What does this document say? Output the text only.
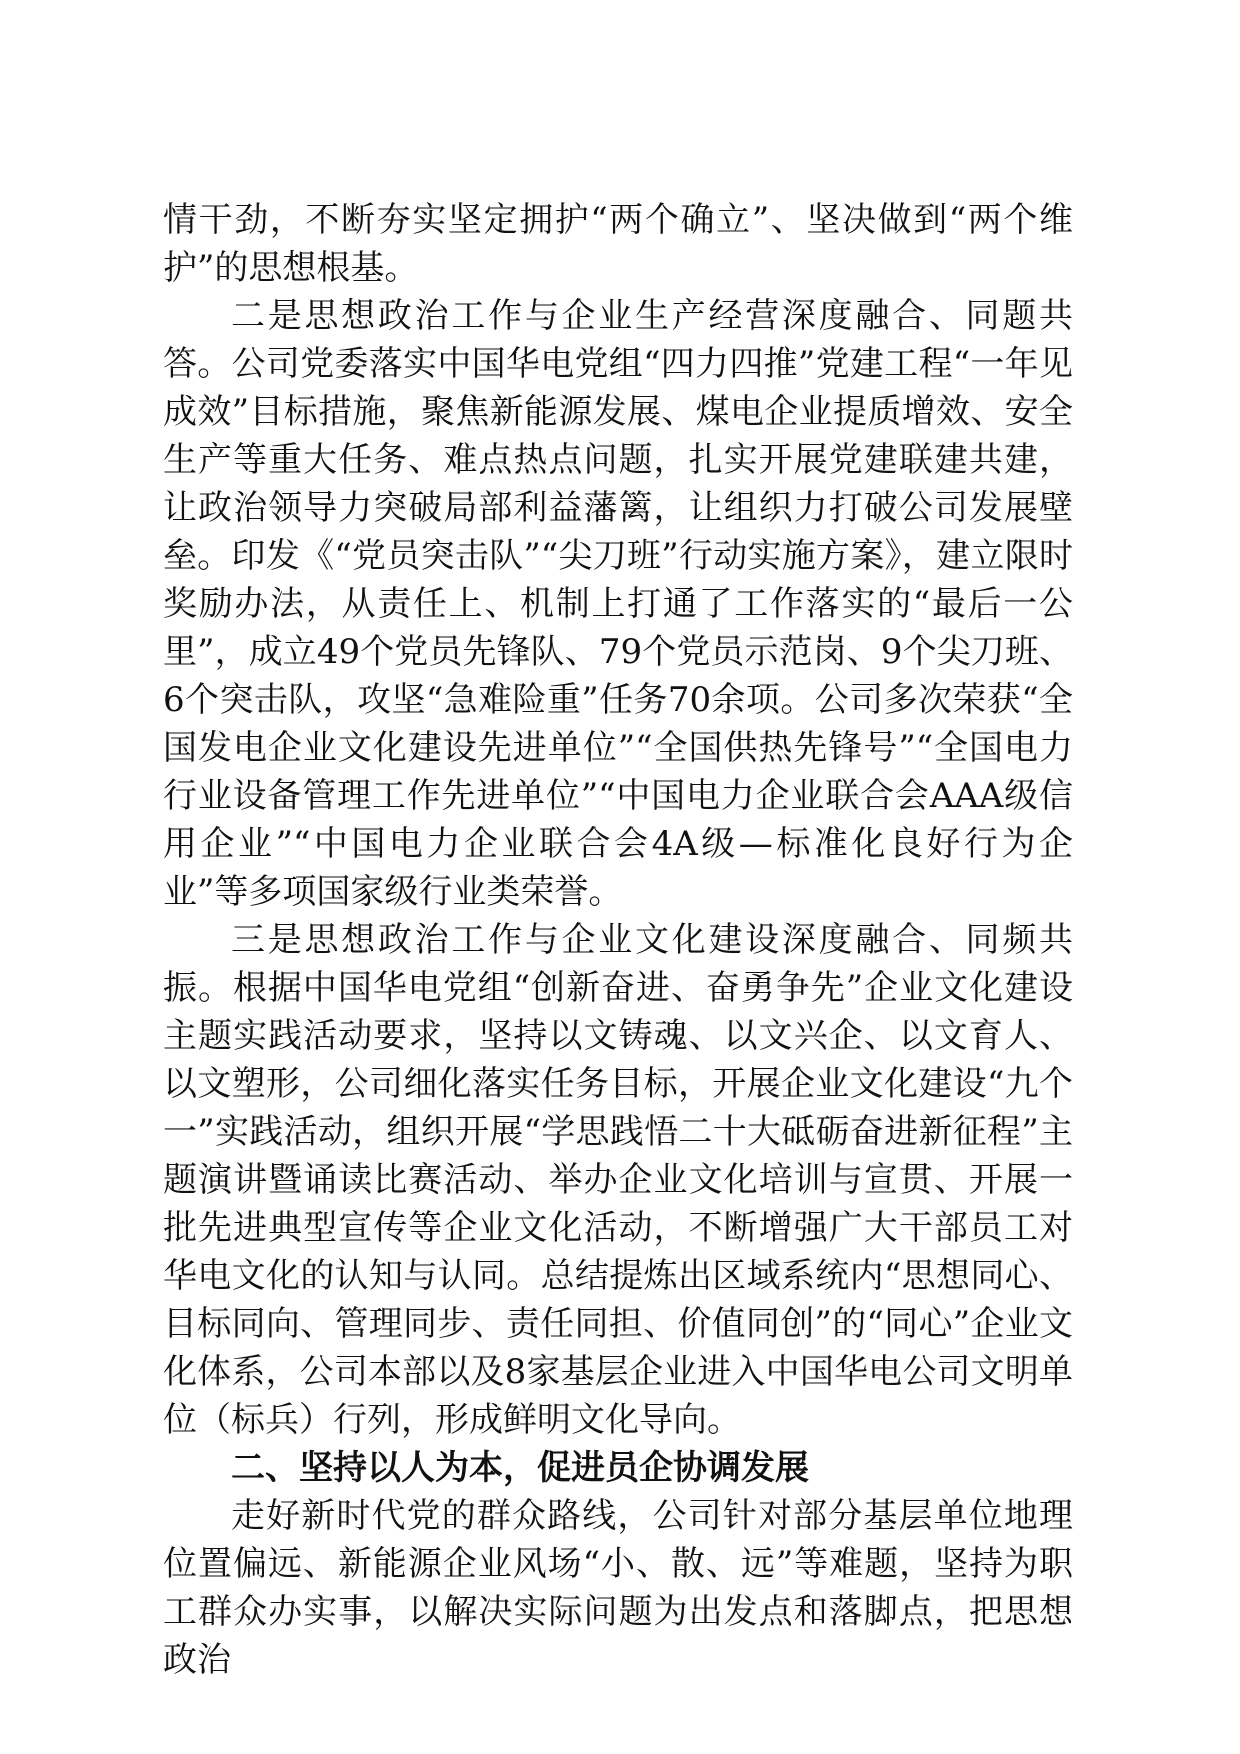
情干劲，不断夯实坚定拥护“两个确立”、坚决做到“两个维护”的思想根基。

二是思想政治工作与企业生产经营深度融合、同题共答。公司党委落实中国华电党组“四力四推”党建工程“一年见成效”目标措施，聚焦新能源发展、煤电企业提质增效、安全生产等重大任务、难点热点问题，扎实开展党建联建共建，让政治领导力突破局部利益藩篱，让组织力打破公司发展壁垒。印发《“党员突击队”“尖刀班”行动实施方案》，建立限时奖励办法，从责任上、机制上打通了工作落实的“最后一公里”，成立49个党员先锋队、79个党员示范岗、9个尖刀班、6个突击队，攻坚“急难险重”任务70余项。公司多次荣获“全国发电企业文化建设先进单位”“全国供热先锋号”“全国电力行业设备管理工作先进单位”“中国电力企业联合会AAA级信用企业”“中国电力企业联合会4A级—标准化良好行为企业”等多项国家级行业类荣誉。

三是思想政治工作与企业文化建设深度融合、同频共振。根据中国华电党组“创新奋进、奋勇争先”企业文化建设主题实践活动要求，坚持以文铸魂、以文兴企、以文育人、以文塑形，公司细化落实任务目标，开展企业文化建设“九个一”实践活动，组织开展“学思践悟二十大砥砺奋进新征程”主题演讲暨诵读比赛活动、举办企业文化培训与宣贯、开展一批先进典型宣传等企业文化活动，不断增强广大干部员工对华电文化的认知与认同。总结提炼出区域系统内“思想同心、目标同向、管理同步、责任同担、价值同创”的“同心”企业文化体系，公司本部以及8家基层企业进入中国华电公司文明单位（标兵）行列，形成鲜明文化导向。

二、坚持以人为本，促进员企协调发展

走好新时代党的群众路线，公司针对部分基层单位地理位置偏远、新能源企业风场“小、散、远”等难题，坚持为职工群众办实事，以解决实际问题为出发点和落脚点，把思想政治
